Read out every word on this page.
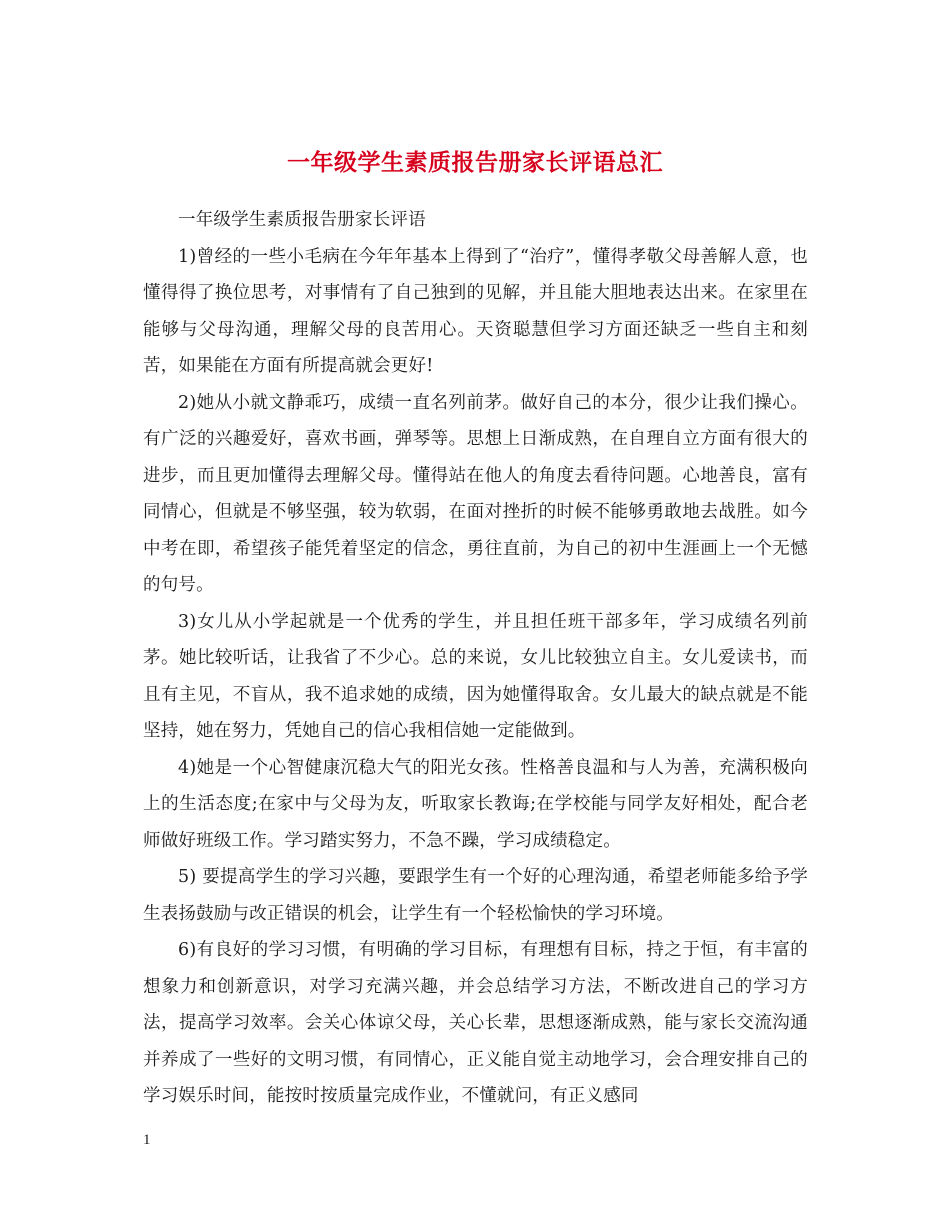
一年级学生素质报告册家长评语总汇

一年级学生素质报告册家长评语

1)曾经的一些小毛病在今年年基本上得到了“治疗”，懂得孝敬父母善解人意，也懂得得了换位思考，对事情有了自己独到的见解，并且能大胆地表达出来。在家里在能够与父母沟通，理解父母的良苦用心。天资聪慧但学习方面还缺乏一些自主和刻苦，如果能在方面有所提高就会更好!

2)她从小就文静乖巧，成绩一直名列前茅。做好自己的本分，很少让我们操心。有广泛的兴趣爱好，喜欢书画，弹琴等。思想上日渐成熟，在自理自立方面有很大的进步，而且更加懂得去理解父母。懂得站在他人的角度去看待问题。心地善良，富有同情心，但就是不够坚强，较为软弱，在面对挫折的时候不能够勇敢地去战胜。如今中考在即，希望孩子能凭着坚定的信念，勇往直前，为自己的初中生涯画上一个无憾的句号。

3)女儿从小学起就是一个优秀的学生，并且担任班干部多年，学习成绩名列前茅。她比较听话，让我省了不少心。总的来说，女儿比较独立自主。女儿爱读书，而且有主见，不盲从，我不追求她的成绩，因为她懂得取舍。女儿最大的缺点就是不能坚持，她在努力，凭她自己的信心我相信她一定能做到。

4)她是一个心智健康沉稳大气的阳光女孩。性格善良温和与人为善，充满积极向上的生活态度;在家中与父母为友，听取家长教诲;在学校能与同学友好相处，配合老师做好班级工作。学习踏实努力，不急不躁，学习成绩稳定。

5) 要提高学生的学习兴趣，要跟学生有一个好的心理沟通，希望老师能多给予学生表扬鼓励与改正错误的机会，让学生有一个轻松愉快的学习环境。

6)有良好的学习习惯，有明确的学习目标，有理想有目标，持之于恒，有丰富的想象力和创新意识，对学习充满兴趣，并会总结学习方法，不断改进自己的学习方法，提高学习效率。会关心体谅父母，关心长辈，思想逐渐成熟，能与家长交流沟通并养成了一些好的文明习惯，有同情心，正义能自觉主动地学习，会合理安排自己的学习娱乐时间，能按时按质量完成作业，不懂就问，有正义感同

1
